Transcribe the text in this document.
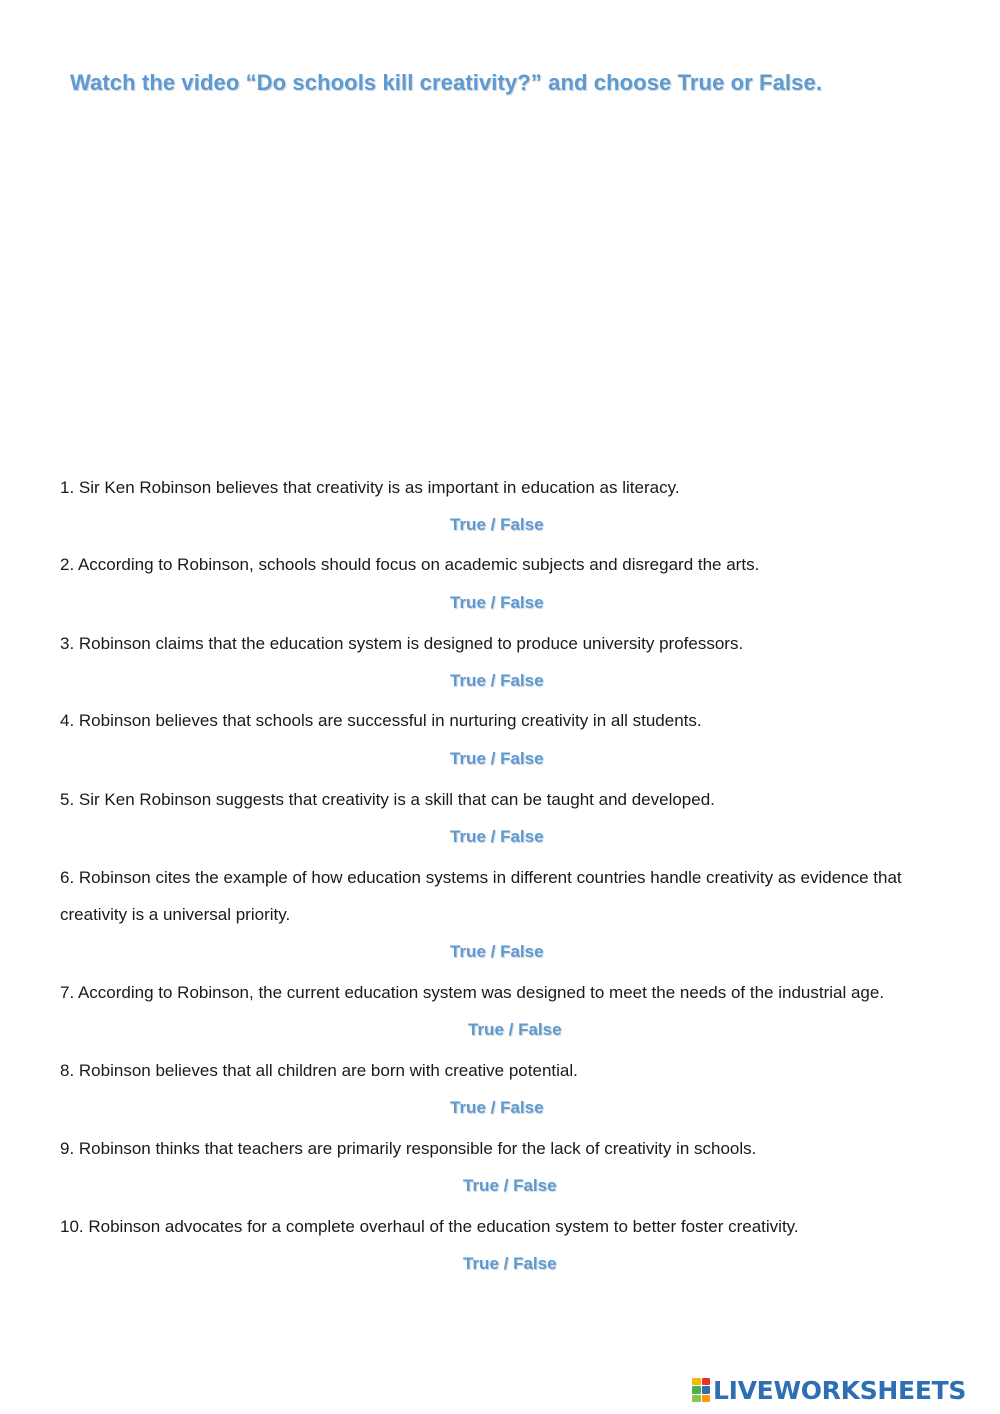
Watch the video “Do schools kill creativity?” and choose True or False.

1. Sir Ken Robinson believes that creativity is as important in education as literacy.

True / False

2. According to Robinson, schools should focus on academic subjects and disregard the arts.

True / False

3. Robinson claims that the education system is designed to produce university professors.

True / False

4. Robinson believes that schools are successful in nurturing creativity in all students.

True / False

5. Sir Ken Robinson suggests that creativity is a skill that can be taught and developed.

True / False

6. Robinson cites the example of how education systems in different countries handle creativity as evidence that creativity is a universal priority.

True / False

7. According to Robinson, the current education system was designed to meet the needs of the industrial age.

True / False

8. Robinson believes that all children are born with creative potential.

True / False

9. Robinson thinks that teachers are primarily responsible for the lack of creativity in schools.

True / False

10. Robinson advocates for a complete overhaul of the education system to better foster creativity.

True / False
LIVEWORKSHEETS
